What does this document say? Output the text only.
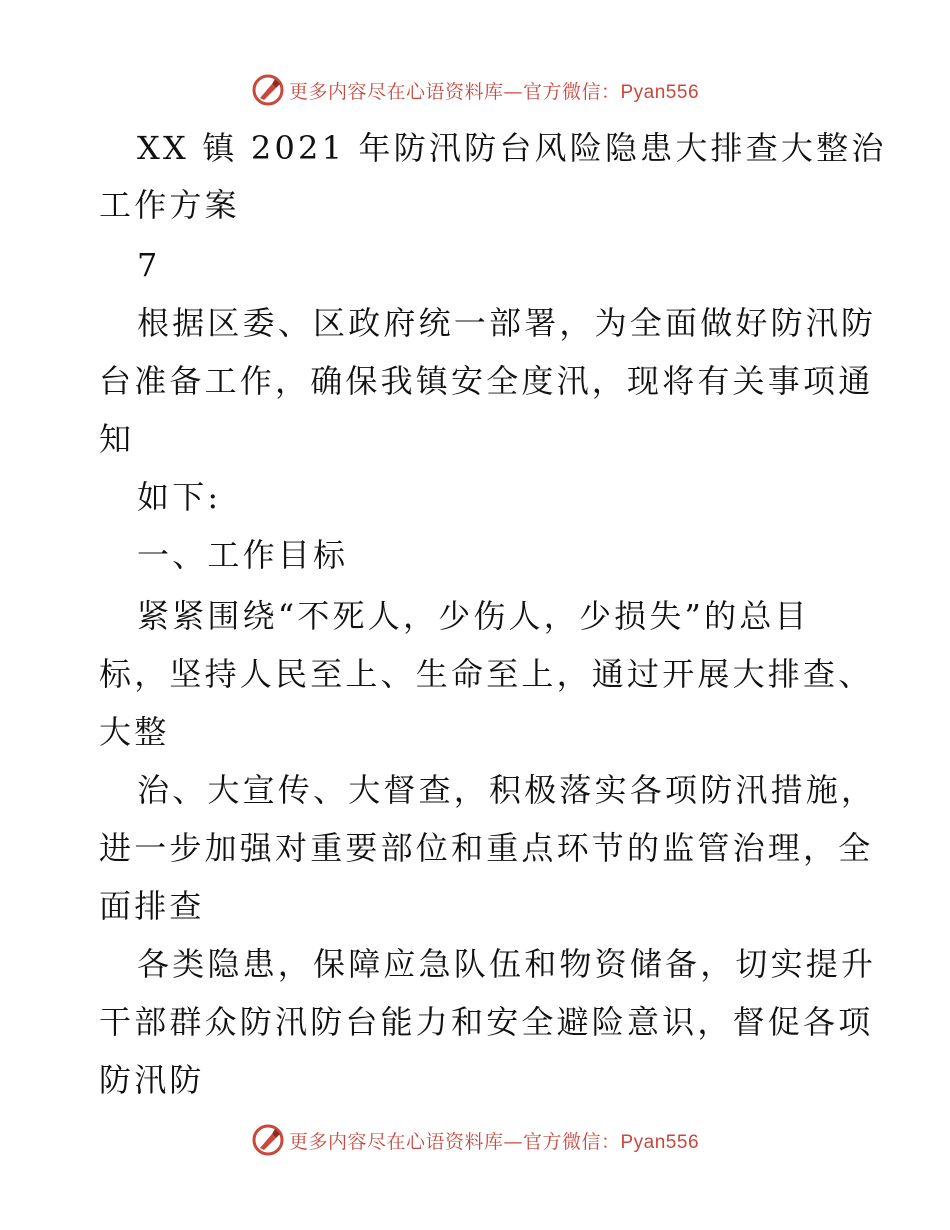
更多内容尽在心语资料库—官方微信：Pyan556
XX 镇 2021 年防汛防台风险隐患大排查大整治
工作方案
7
根据区委、区政府统一部署，为全面做好防汛防
台准备工作，确保我镇安全度汛，现将有关事项通
知
如下:
一、工作目标
紧紧围绕“不死人，少伤人，少损失”的总目
标，坚持人民至上、生命至上，通过开展大排查、
大整
治、大宣传、大督查，积极落实各项防汛措施，
进一步加强对重要部位和重点环节的监管治理，全
面排查
各类隐患，保障应急队伍和物资储备，切实提升
干部群众防汛防台能力和安全避险意识，督促各项
防汛防
更多内容尽在心语资料库—官方微信：Pyan556
